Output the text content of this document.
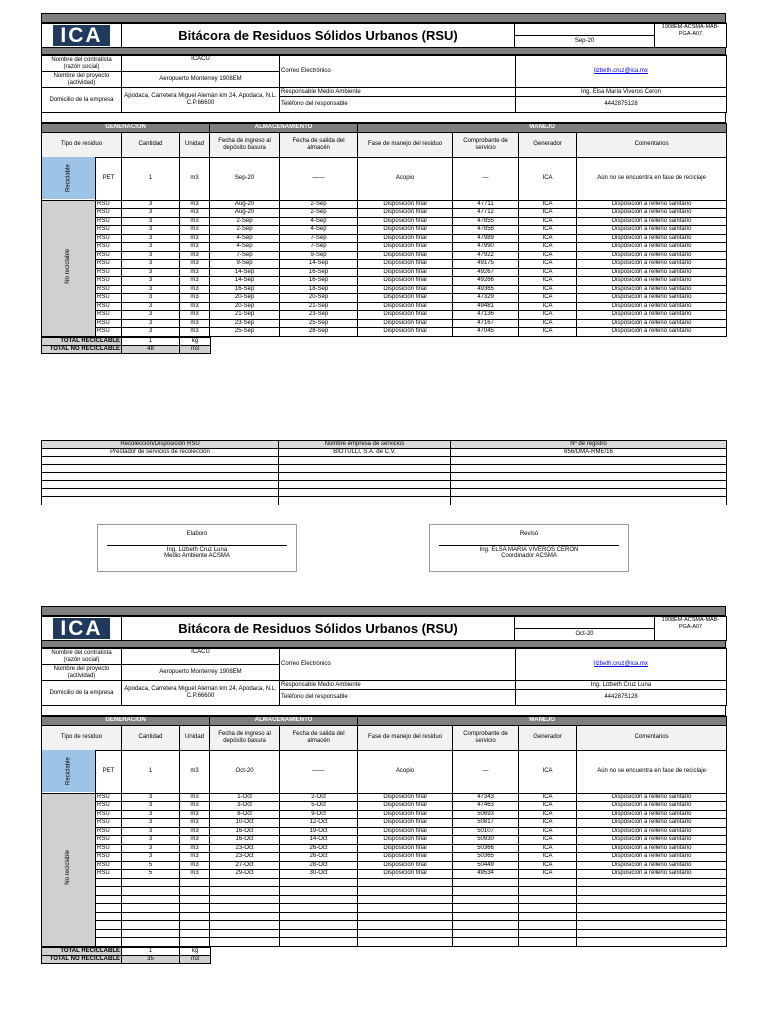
ICA	Bitácora de Residuos Sólidos Urbanos (RSU)	Sep-20
	1908EM-ACSMA-MAB-PGA-A07
Nombre del contratista (razón social)	ICACU	Correo Electrónico	lizbeth.cruz@ica.mx
Nombre del proyecto (actividad)	Aeropuerto Monterrey 1908EM		
Domicilio de la empresa	Apodaca, Carretera Miguel Alemán km 24, Apodaca, N.L. C.P.66600	Responsable Medio Ambiente	Ing. Elsa María Viveros Ceron
		Teléfono del responsable	4442875128
GENERACIÓN				ALMACENAMIENTO		MANEJO			
Tipo de residuo		Cantidad	Unidad	Fecha de ingreso al depósito basura	Fecha de salida del almacén	Fase de manejo del residuo	Comprobante de servicio	Generador	Comentarios
Reciclable	PET	1	m3	Sep-20	——	Acopio	—	ICA	Aún no se encuentra en fase de reciclaje
No reciclable	RSU	3	m3	Aug-20	2-Sep	Disposición final	47711	ICA	Disposición a relleno sanitario
	RSU	3	m3	Aug-20	2-Sep	Disposición final	47712	ICA	Disposición a relleno sanitario
	RSU	3	m3	2-Sep	4-Sep	Disposición final	47855	ICA	Disposición a relleno sanitario
	RSU	3	m3	2-Sep	4-Sep	Disposición final	47856	ICA	Disposición a relleno sanitario
	RSU	3	m3	4-Sep	7-Sep	Disposición final	47989	ICA	Disposición a relleno sanitario
	RSU	3	m3	4-Sep	7-Sep	Disposición final	47990	ICA	Disposición a relleno sanitario
	RSU	3	m3	7-Sep	9-Sep	Disposición final	47922	ICA	Disposición a relleno sanitario
	RSU	3	m3	9-Sep	14-Sep	Disposición final	49175	ICA	Disposición a relleno sanitario
	RSU	3	m3	14-Sep	16-Sep	Disposición final	49267	ICA	Disposición a relleno sanitario
	RSU	3	m3	14-Sep	16-Sep	Disposición final	49266	ICA	Disposición a relleno sanitario
	RSU	3	m3	16-Sep	18-Sep	Disposición final	49365	ICA	Disposición a relleno sanitario
	RSU	3	m3	20-Sep	20-Sep	Disposición final	47329	ICA	Disposición a relleno sanitario
	RSU	3	m3	20-Sep	21-Sep	Disposición final	49481	ICA	Disposición a relleno sanitario
	RSU	3	m3	21-Sep	23-Sep	Disposición final	47136	ICA	Disposición a relleno sanitario
	RSU	3	m3	23-Sep	25-Sep	Disposición final	47167	ICA	Disposición a relleno sanitario
	RSU	3	m3	25-Sep	28-Sep	Disposición final	47045	ICA	Disposición a relleno sanitario
TOTAL RECICLABLE	1	kg
TOTAL NO RECICLABLE	48	m3
Recolección/Disposición RSU	Nombre empresa de servicios	Nº de registro
Prestador de servicios de recolección	BIOTULLI, S.A. de C.V.	656/DMA-RME/16

Elaboró
Ing. Lizbeth Cruz Luna
Medio Ambiente ACSMA
Revisó
Ing. ELSA MARIA VIVEROS CERON
Coordinador ACSMA
ICA	Bitácora de Residuos Sólidos Urbanos (RSU)	Oct-20
	1908EM-ACSMA-MAB-PGA-A07
Nombre del contratista (razón social)	ICACU	Correo Electrónico	lizbeth.cruz@ica.mx
Nombre del proyecto (actividad)	Aeropuerto Monterrey 1908EM		
Domicilio de la empresa	Apodaca, Carretera Miguel Alemán km 24, Apodaca, N.L. C.P.66600	Responsable Medio Ambiente	Ing. Lizbeth Cruz Luna
		Teléfono del responsable	4442875128
GENERACIÓN				ALMACENAMIENTO		MANEJO			
Tipo de residuo		Cantidad	Unidad	Fecha de ingreso al depósito basura	Fecha de salida del almacén	Fase de manejo del residuo	Comprobante de servicio	Generador	Comentarios
Reciclable	PET	1	m3	Oct-20	——	Acopio	—	ICA	Aún no se encuentra en fase de reciclaje
No reciclable	RSU	3	m3	1-Oct	2-Oct	Disposición final	47343	ICA	Disposición a relleno sanitario
	RSU	3	m3	3-Oct	5-Oct	Disposición final	47463	ICA	Disposición a relleno sanitario
	RSU	3	m3	8-Oct	9-Oct	Disposición final	50693	ICA	Disposición a relleno sanitario
	RSU	3	m3	10-Oct	12-Oct	Disposición final	50817	ICA	Disposición a relleno sanitario
	RSU	3	m3	16-Oct	19-Oct	Disposición final	50107	ICA	Disposición a relleno sanitario
	RSU	3	m3	16-Oct	14-Oct	Disposición final	50930	ICA	Disposición a relleno sanitario
	RSU	3	m3	23-Oct	26-Oct	Disposición final	50366	ICA	Disposición a relleno sanitario
	RSU	3	m3	23-Oct	26-Oct	Disposición final	50365	ICA	Disposición a relleno sanitario
	RSU	5	m3	27-Oct	28-Oct	Disposición final	50449	ICA	Disposición a relleno sanitario
	RSU	5	m3	29-Oct	30-Oct	Disposición final	49534	ICA	Disposición a relleno sanitario

TOTAL RECICLABLE	1	kg
TOTAL NO RECICLABLE	35	m3
